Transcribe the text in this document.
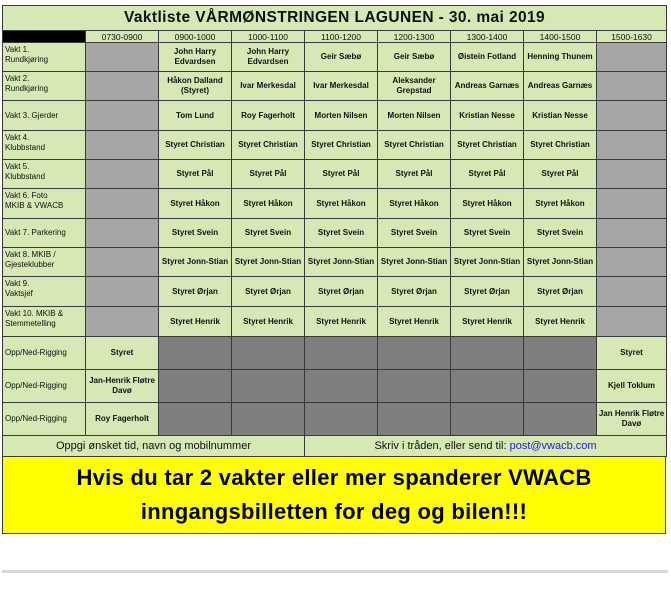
Vaktliste VÅRMØNSTRINGEN LAGUNEN - 30. mai 2019								
	0730-0900	0900-1000	1000-1100	1100-1200	1200-1300	1300-1400	1400-1500	1500-1630

Vakt 1.
Rundkjøring		John Harry Edvardsen	John Harry Edvardsen	Geir Sæbø	Geir Sæbø	Øistein Fotland	Henning Thunem	

Vakt 2.
Rundkjøring		Håkon Dalland (Styret)	Ivar Merkesdal	Ivar Merkesdal	Aleksander Grepstad	Andreas Garnæs	Andreas Garnæs	

Vakt 3. Gjerder		Tom Lund	Roy Fagerholt	Morten Nilsen	Morten Nilsen	Kristian Nesse	Kristian Nesse	

Vakt 4.
Klubbstand		Styret Christian	Styret Christian	Styret Christian	Styret Christian	Styret Christian	Styret Christian	

Vakt 5.
Klubbstand		Styret Pål	Styret Pål	Styret Pål	Styret Pål	Styret Pål	Styret Pål	

Vakt 6. Foto
MKIB & VWACB		Styret Håkon	Styret Håkon	Styret Håkon	Styret Håkon	Styret Håkon	Styret Håkon	

Vakt 7. Parkering		Styret Svein	Styret Svein	Styret Svein	Styret Svein	Styret Svein	Styret Svein	

Vakt 8. MKIB /
Gjesteklubber		Styret Jonn-Stian	Styret Jonn-Stian	Styret Jonn-Stian	Styret Jonn-Stian	Styret Jonn-Stian	Styret Jonn-Stian	

Vakt 9.
Vaktsjef		Styret Ørjan	Styret Ørjan	Styret Ørjan	Styret Ørjan	Styret Ørjan	Styret Ørjan	

Vakt 10. MKIB &
Stemmetelling		Styret Henrik	Styret Henrik	Styret Henrik	Styret Henrik	Styret Henrik	Styret Henrik	
Opp/Ned-Rigging	Styret							Styret
Opp/Ned-Rigging	Jan-Henrik Fløtre Davø							Kjell Toklum
Opp/Ned-Rigging	Roy Fagerholt							Jan Henrik Fløtre Davø
Oppgi ønsket tid, navn og mobilnummer				Skriv i tråden, eller send til: post@vwacb.com				
Hvis du tar 2 vakter eller mer spanderer VWACB
inngangsbilletten for deg og bilen!!!
